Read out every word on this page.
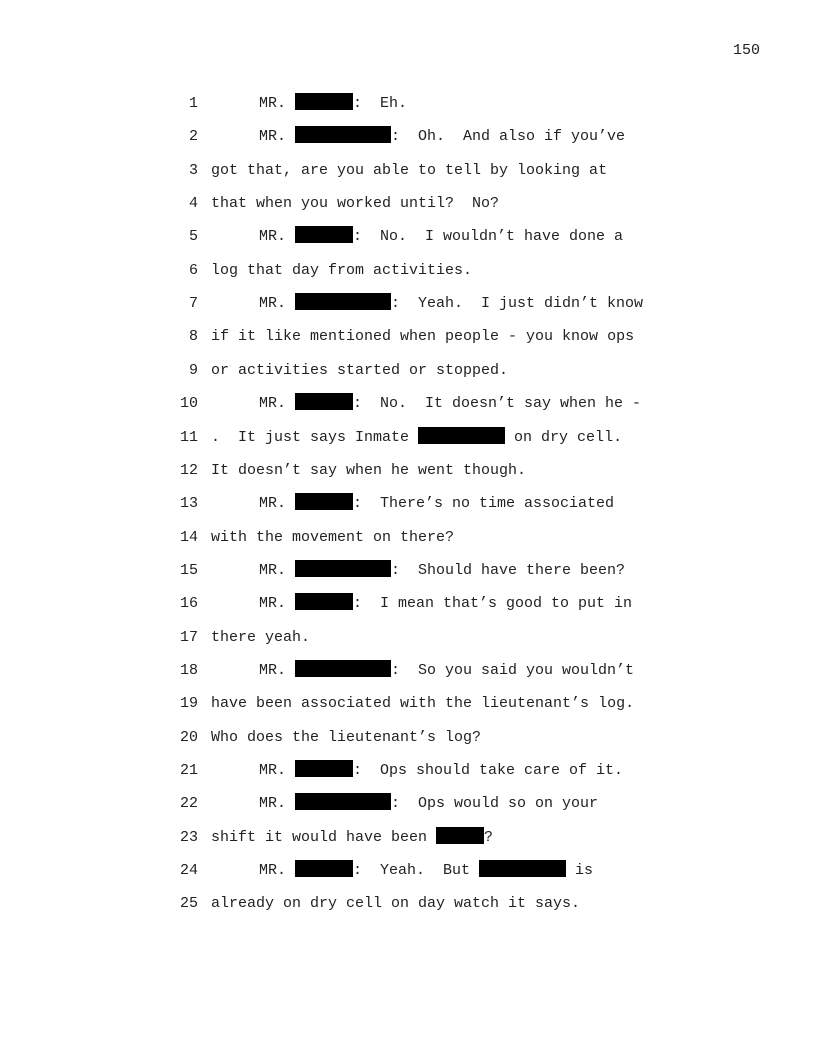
150
1	MR.	:  Eh.
2	MR.	:  Oh.  And also if you’ve
3 got that, are you able to tell by looking at
4 that when you worked until?  No?
5	MR.	:  No.  I wouldn’t have done a
6 log that day from activities.
7	MR.	:  Yeah.  I just didn’t know
8 if it like mentioned when people - you know ops
9 or activities started or stopped.
10	MR.	:  No.  It doesn’t say when he -
11 .  It just says Inmate	on dry cell.
12 It doesn’t say when he went though.
13	MR.	:  There’s no time associated
14 with the movement on there?
15	MR.	:  Should have there been?
16	MR.	:  I mean that’s good to put in
17 there yeah.
18	MR.	:  So you said you wouldn’t
19 have been associated with the lieutenant’s log.
20 Who does the lieutenant’s log?
21	MR.	:  Ops should take care of it.
22	MR.	:  Ops would so on your
23 shift it would have been	?
24	MR.	:  Yeah.  But	is
25 already on dry cell on day watch it says.
